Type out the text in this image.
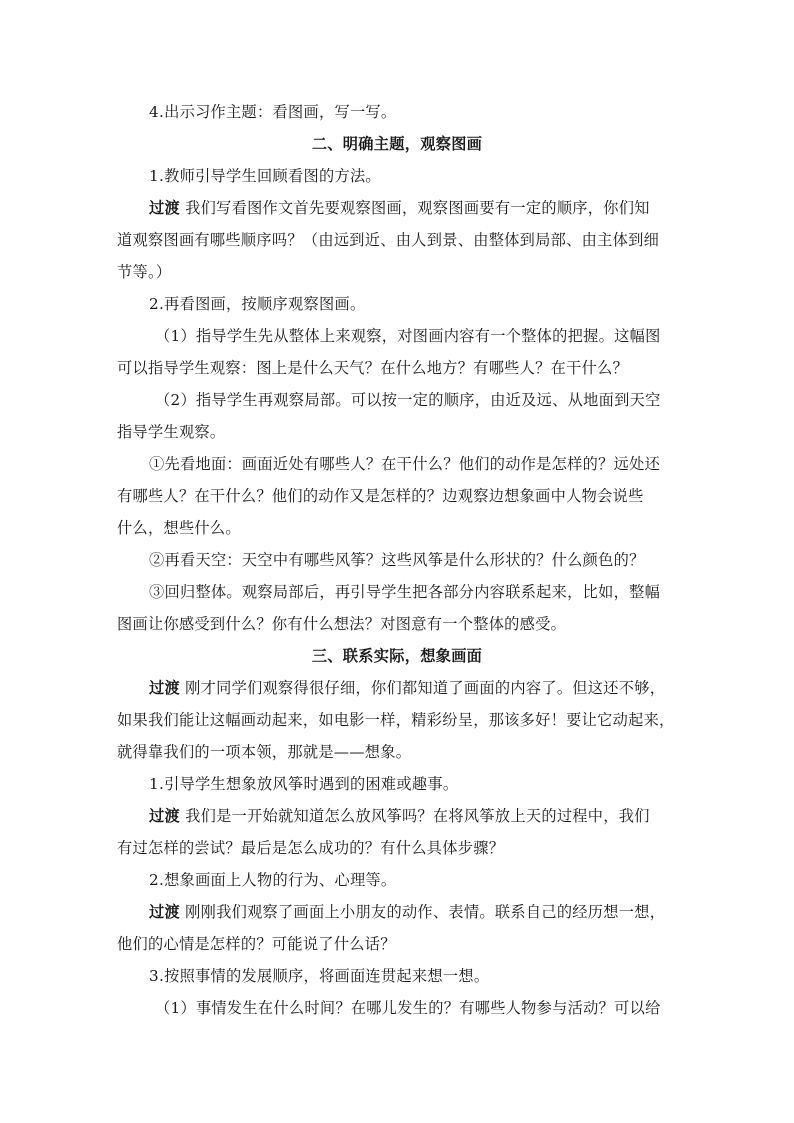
4.出示习作主题：看图画，写一写。
二、明确主题，观察图画
1.教师引导学生回顾看图的方法。
过渡 我们写看图作文首先要观察图画，观察图画要有一定的顺序，你们知
道观察图画有哪些顺序吗？（由远到近、由人到景、由整体到局部、由主体到细
节等。）
2.再看图画，按顺序观察图画。
（1）指导学生先从整体上来观察，对图画内容有一个整体的把握。这幅图
可以指导学生观察：图上是什么天气？在什么地方？有哪些人？在干什么？
（2）指导学生再观察局部。可以按一定的顺序，由近及远、从地面到天空
指导学生观察。
①先看地面：画面近处有哪些人？在干什么？他们的动作是怎样的？远处还
有哪些人？在干什么？他们的动作又是怎样的？边观察边想象画中人物会说些
什么，想些什么。
②再看天空：天空中有哪些风筝？这些风筝是什么形状的？什么颜色的？
③回归整体。观察局部后，再引导学生把各部分内容联系起来，比如，整幅
图画让你感受到什么？你有什么想法？对图意有一个整体的感受。
三、联系实际，想象画面
过渡 刚才同学们观察得很仔细，你们都知道了画面的内容了。但这还不够，
如果我们能让这幅画动起来，如电影一样，精彩纷呈，那该多好！要让它动起来，
就得靠我们的一项本领，那就是——想象。
1.引导学生想象放风筝时遇到的困难或趣事。
过渡 我们是一开始就知道怎么放风筝吗？在将风筝放上天的过程中，我们
有过怎样的尝试？最后是怎么成功的？有什么具体步骤？
2.想象画面上人物的行为、心理等。
过渡 刚刚我们观察了画面上小朋友的动作、表情。联系自己的经历想一想，
他们的心情是怎样的？可能说了什么话？
3.按照事情的发展顺序，将画面连贯起来想一想。
（1）事情发生在什么时间？在哪儿发生的？有哪些人物参与活动？可以给
